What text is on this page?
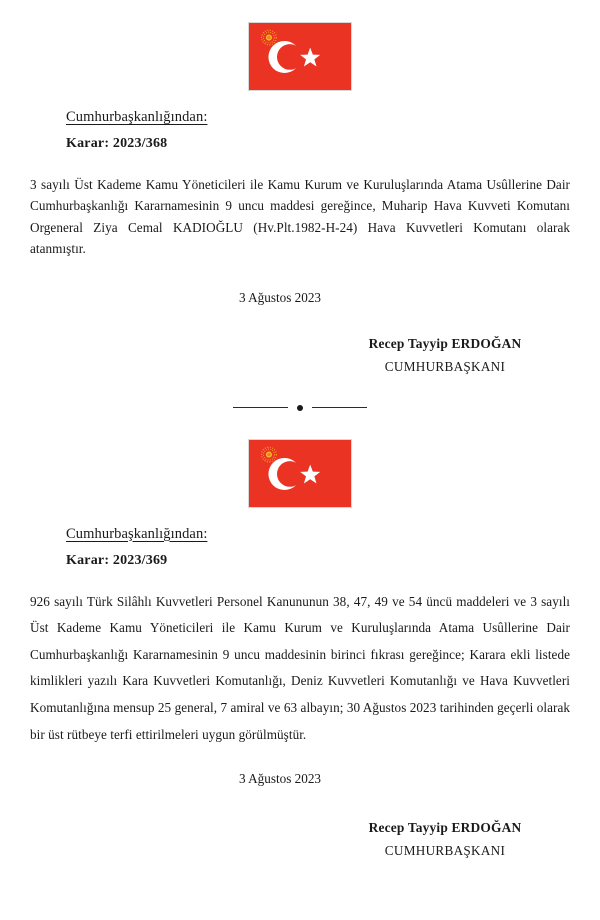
Cumhurbaşkanlığından:
Karar: 2023/368

3 sayılı Üst Kademe Kamu Yöneticileri ile Kamu Kurum ve Kuruluşlarında Atama Usûllerine Dair Cumhurbaşkanlığı Kararnamesinin 9 uncu maddesi gereğince, Muharip Hava Kuvveti Komutanı Orgeneral Ziya Cemal KADIOĞLU (Hv.Plt.1982-H-24) Hava Kuvvetleri Komutanı olarak atanmıştır.

3 Ağustos 2023
Recep Tayyip ERDOĞAN
CUMHURBAŞKANI
Cumhurbaşkanlığından:
Karar: 2023/369

926 sayılı Türk Silâhlı Kuvvetleri Personel Kanununun 38, 47, 49 ve 54 üncü maddeleri ve 3 sayılı Üst Kademe Kamu Yöneticileri ile Kamu Kurum ve Kuruluşlarında Atama Usûllerine Dair Cumhurbaşkanlığı Kararnamesinin 9 uncu maddesinin birinci fıkrası gereğince; Karara ekli listede kimlikleri yazılı Kara Kuvvetleri Komutanlığı, Deniz Kuvvetleri Komutanlığı ve Hava Kuvvetleri Komutanlığına mensup 25 general, 7 amiral ve 63 albayın; 30 Ağustos 2023 tarihinden geçerli olarak bir üst rütbeye terfi ettirilmeleri uygun görülmüştür.

3 Ağustos 2023
Recep Tayyip ERDOĞAN
CUMHURBAŞKANI
